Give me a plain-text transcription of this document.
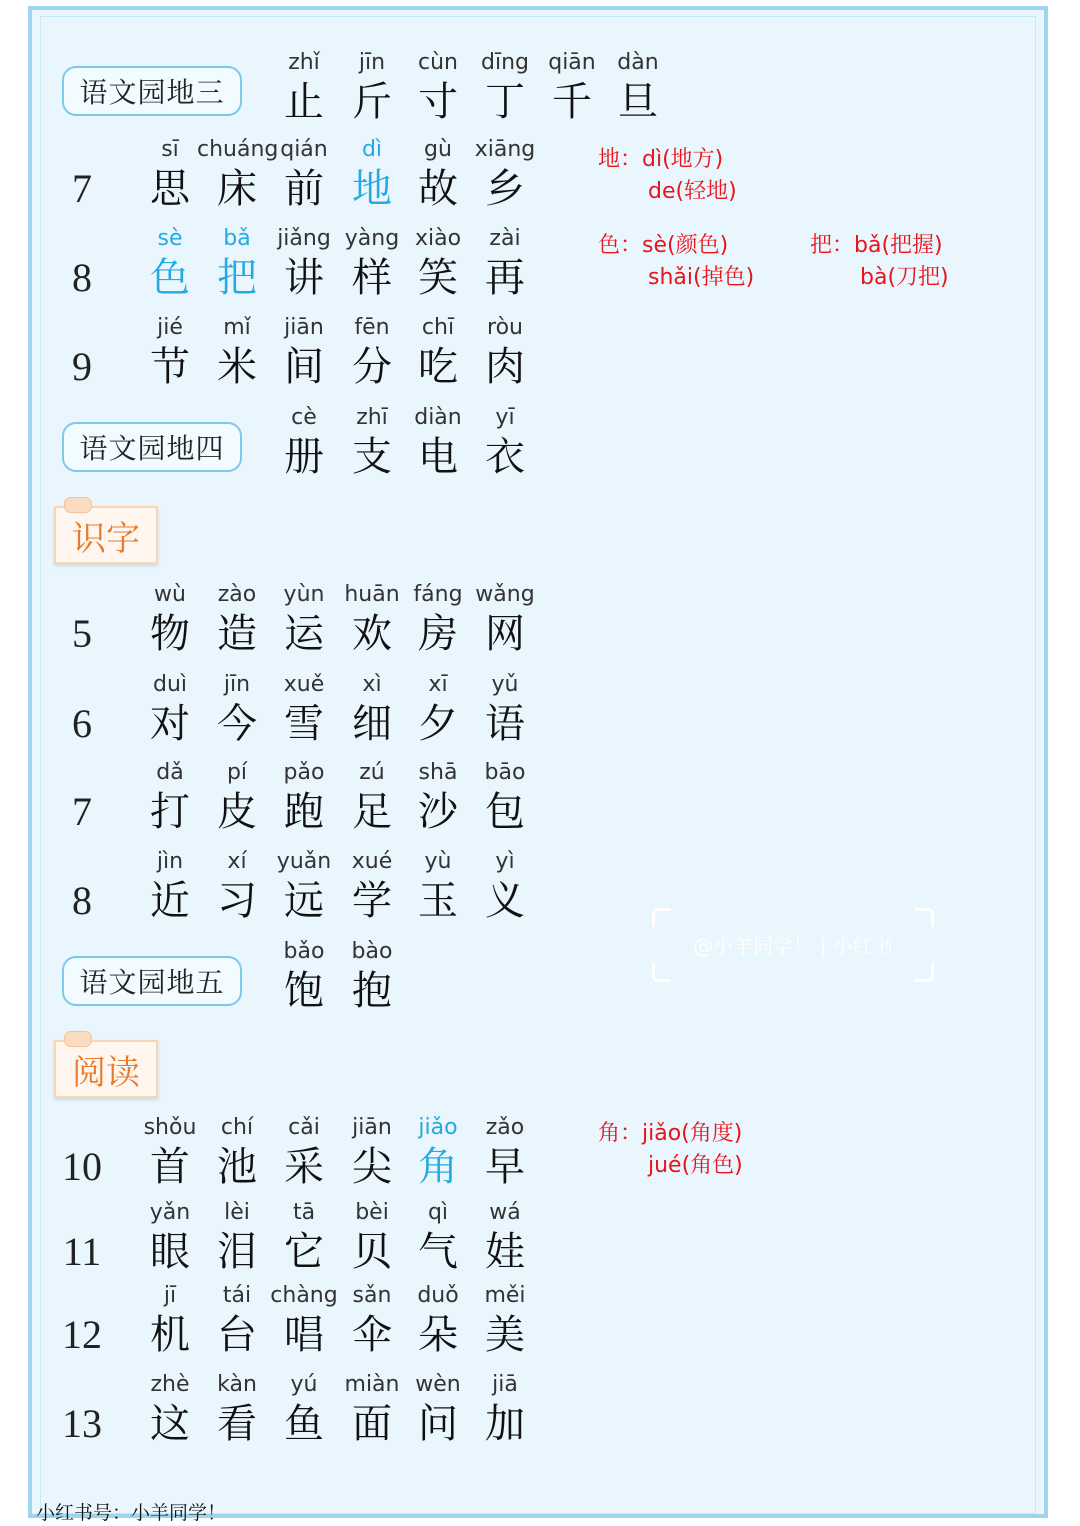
语文园地三
zhǐ
止
jīn
斤
cùn
寸
dīng
丁
qiān
千
dàn
旦
7
sī
思
chuáng
床
qián
前
dì
地
gù
故
xiāng
乡
8
sè
色
bǎ
把
jiǎng
讲
yàng
样
xiào
笑
zài
再
9
jié
节
mǐ
米
jiān
间
fēn
分
chī
吃
ròu
肉
语文园地四
cè
册
zhī
支
diàn
电
yī
衣
识字
5
wù
物
zào
造
yùn
运
huān
欢
fáng
房
wǎng
网
6
duì
对
jīn
今
xuě
雪
xì
细
xī
夕
yǔ
语
7
dǎ
打
pí
皮
pǎo
跑
zú
足
shā
沙
bāo
包
8
jìn
近
xí
习
yuǎn
远
xué
学
yù
玉
yì
义
语文园地五
bǎo
饱
bào
抱
阅读
10
shǒu
首
chí
池
cǎi
采
jiān
尖
jiǎo
角
zǎo
早
11
yǎn
眼
lèi
泪
tā
它
bèi
贝
qì
气
wá
娃
12
jī
机
tái
台
chàng
唱
sǎn
伞
duǒ
朵
měi
美
13
zhè
这
kàn
看
yú
鱼
miàn
面
wèn
问
jiā
加
地：dì(地方)
de(轻地)
色：sè(颜色)
shǎi(掉色)
把：bǎ(把握)
bà(刀把)
角：jiǎo(角度)
jué(角色)
@小羊同学！ | 小红书
小红书号：小羊同学！
